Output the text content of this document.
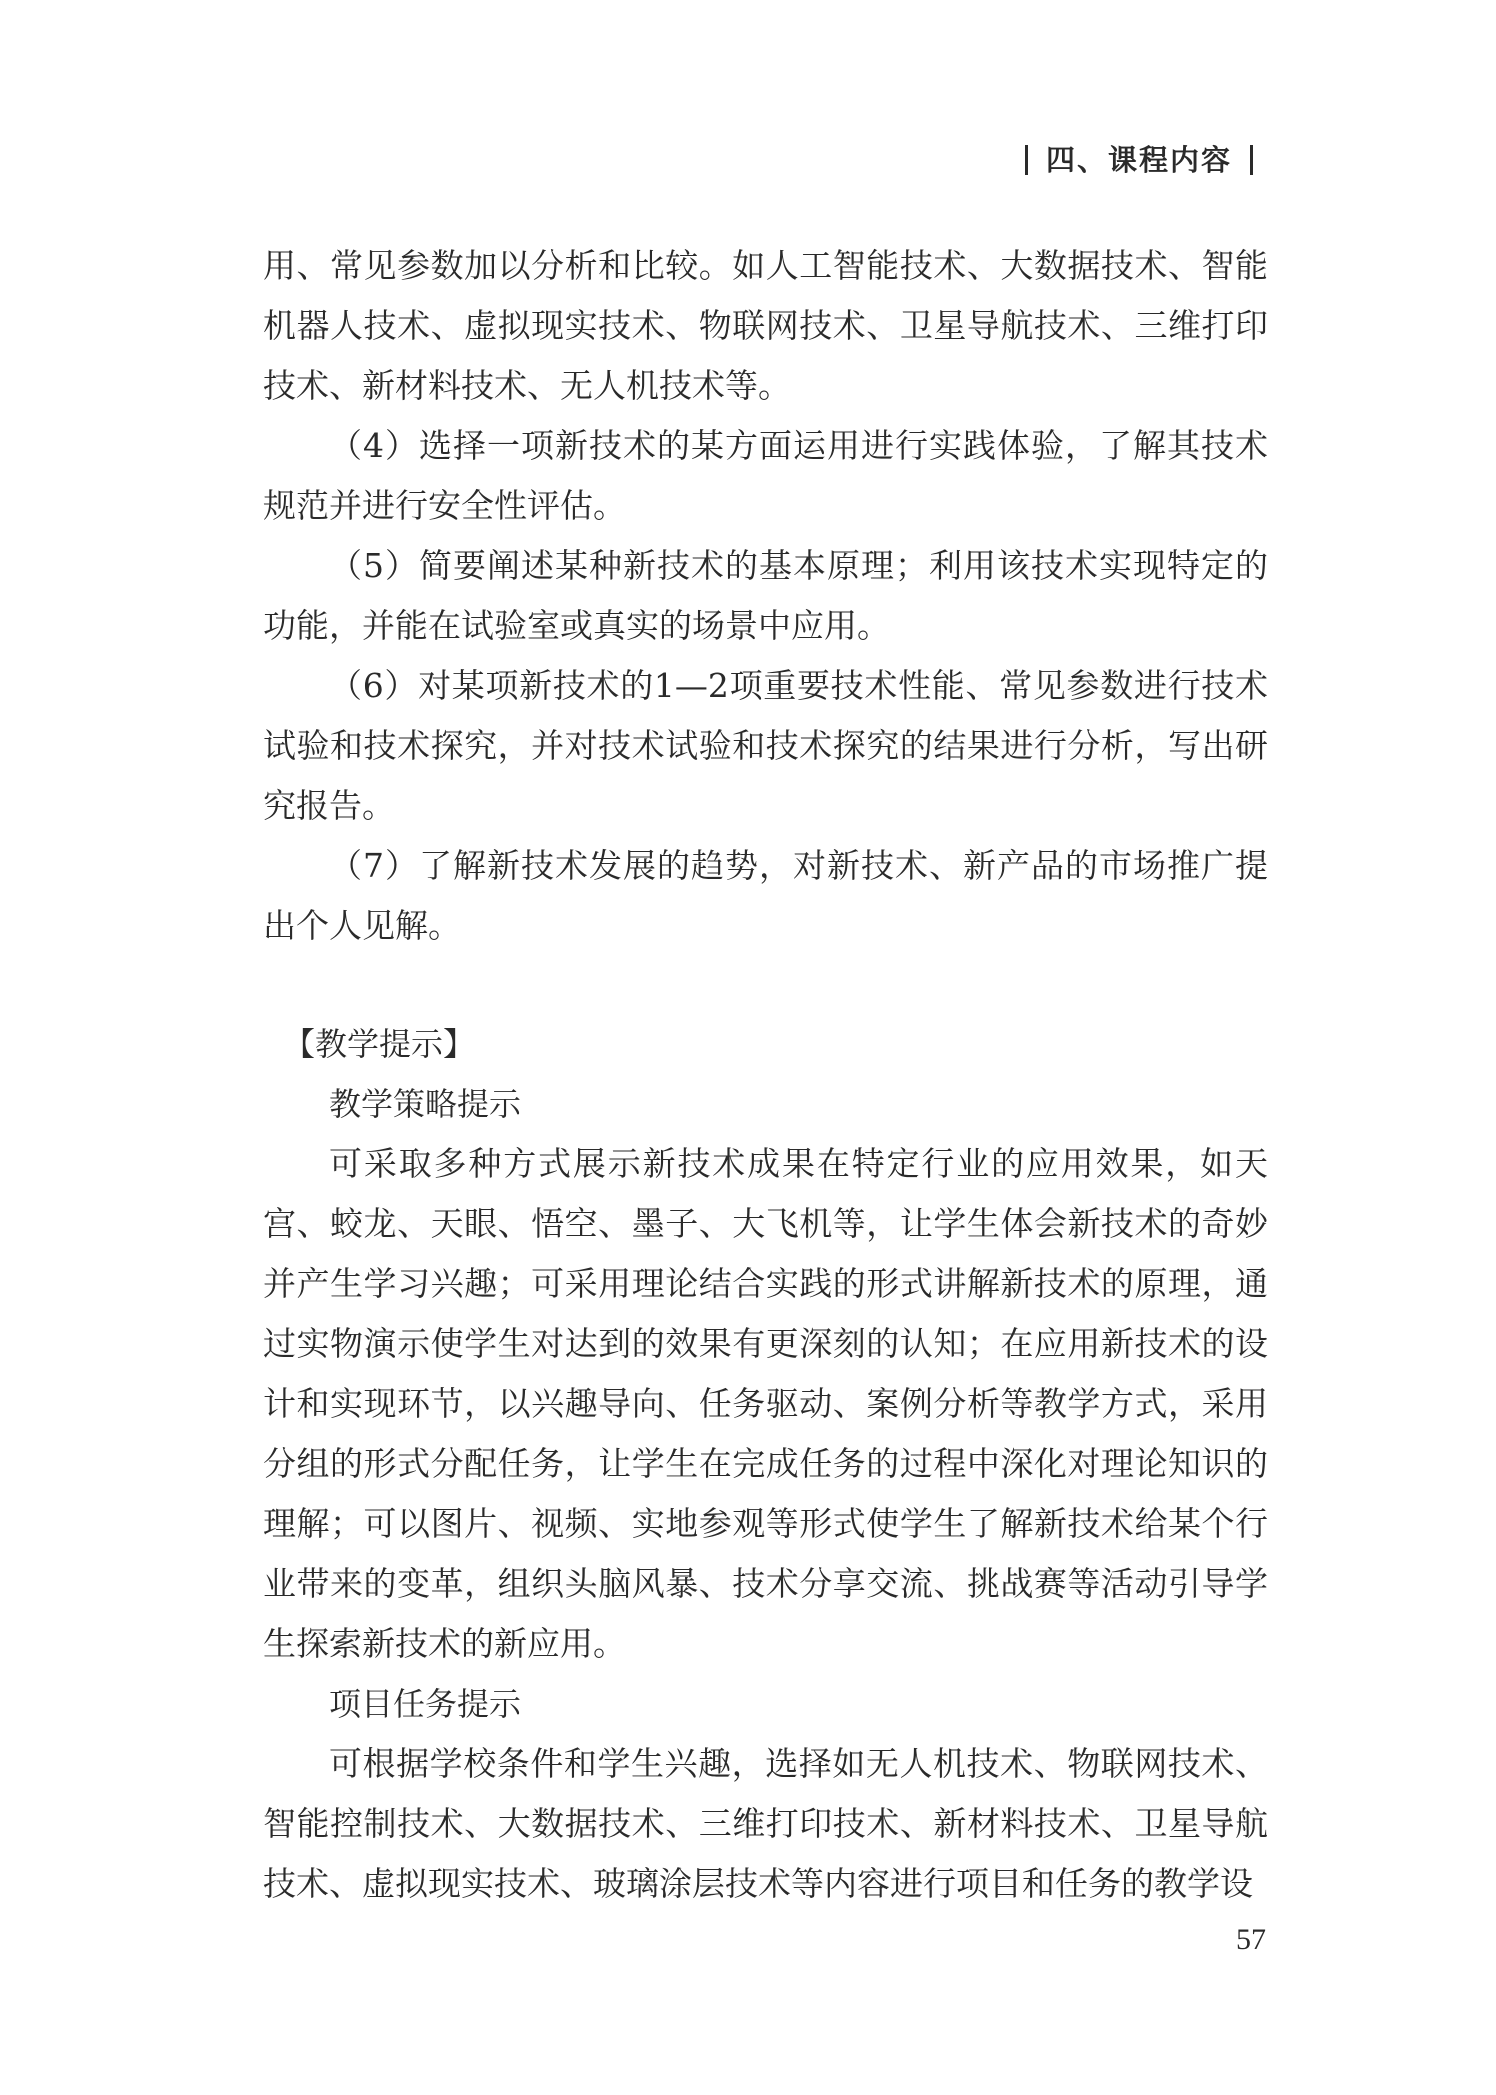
四、课程内容

用、常见参数加以分析和比较。如人工智能技术、大数据技术、智能机器人技术、虚拟现实技术、物联网技术、卫星导航技术、三维打印技术、新材料技术、无人机技术等。

（4）选择一项新技术的某方面运用进行实践体验，了解其技术规范并进行安全性评估。

（5）简要阐述某种新技术的基本原理；利用该技术实现特定的功能，并能在试验室或真实的场景中应用。

（6）对某项新技术的1—2项重要技术性能、常见参数进行技术试验和技术探究，并对技术试验和技术探究的结果进行分析，写出研究报告。

（7）了解新技术发展的趋势，对新技术、新产品的市场推广提出个人见解。

【教学提示】

教学策略提示

可采取多种方式展示新技术成果在特定行业的应用效果，如天宫、蛟龙、天眼、悟空、墨子、大飞机等，让学生体会新技术的奇妙并产生学习兴趣；可采用理论结合实践的形式讲解新技术的原理，通过实物演示使学生对达到的效果有更深刻的认知；在应用新技术的设计和实现环节，以兴趣导向、任务驱动、案例分析等教学方式，采用分组的形式分配任务，让学生在完成任务的过程中深化对理论知识的理解；可以图片、视频、实地参观等形式使学生了解新技术给某个行业带来的变革，组织头脑风暴、技术分享交流、挑战赛等活动引导学生探索新技术的新应用。

项目任务提示

可根据学校条件和学生兴趣，选择如无人机技术、物联网技术、智能控制技术、大数据技术、三维打印技术、新材料技术、卫星导航技术、虚拟现实技术、玻璃涂层技术等内容进行项目和任务的教学设

57
